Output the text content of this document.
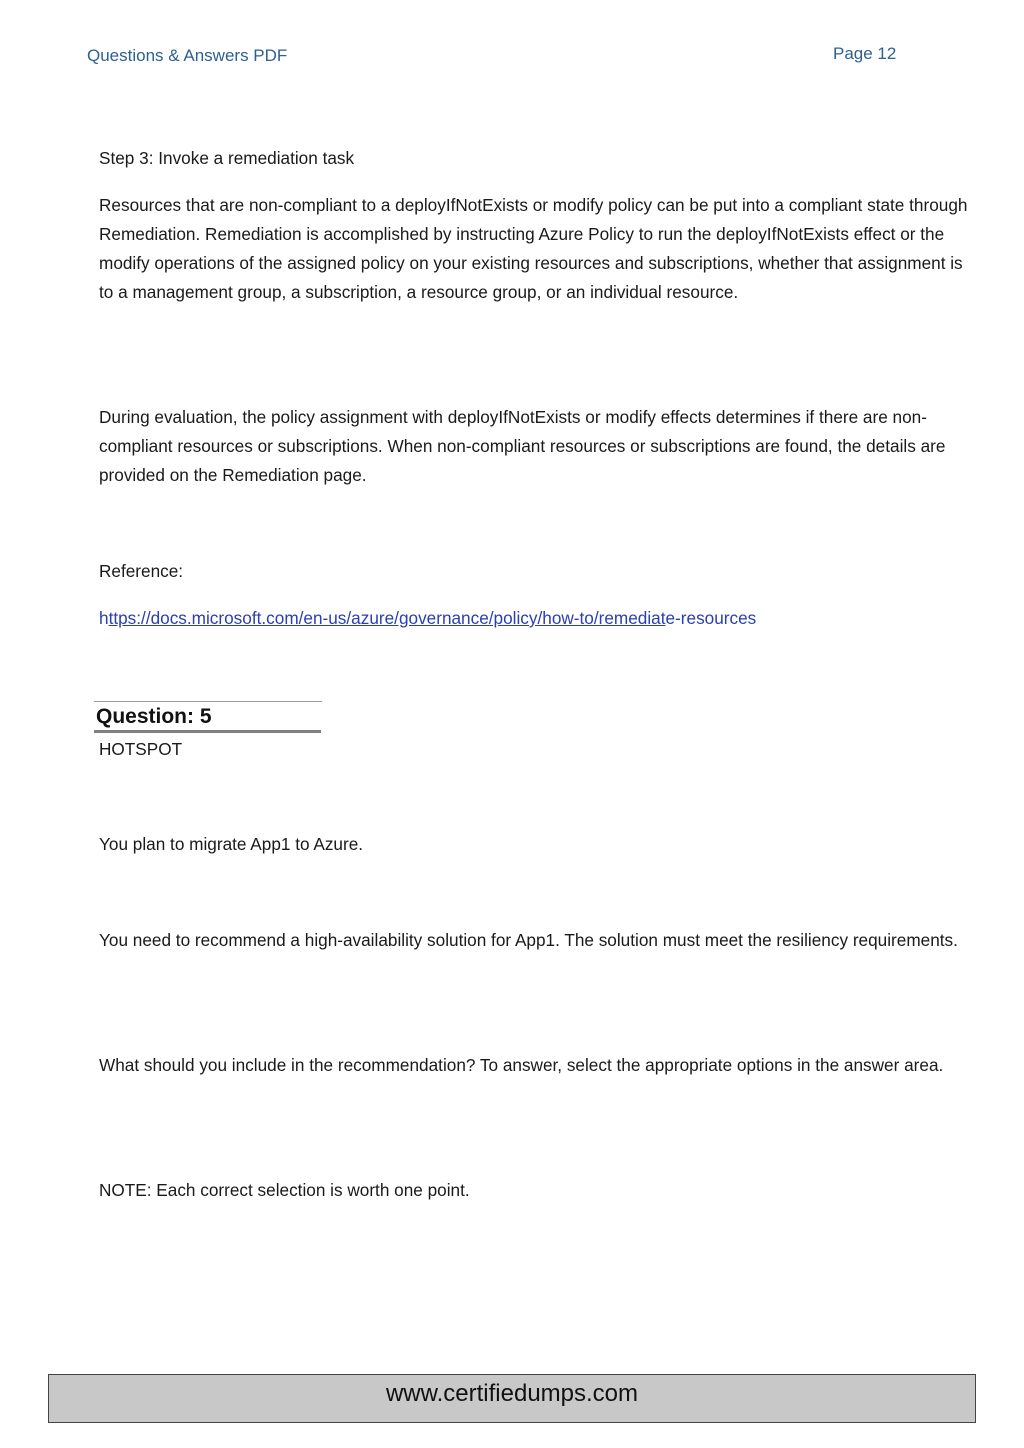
Questions & Answers PDF	Page 12
Step 3: Invoke a remediation task
Resources that are non-compliant to a deployIfNotExists or modify policy can be put into a compliant state through Remediation. Remediation is accomplished by instructing Azure Policy to run the deployIfNotExists effect or the modify operations of the assigned policy on your existing resources and subscriptions, whether that assignment is to a management group, a subscription, a resource group, or an individual resource.
During evaluation, the policy assignment with deployIfNotExists or modify effects determines if there are non-compliant resources or subscriptions. When non-compliant resources or subscriptions are found, the details are provided on the Remediation page.
Reference:
https://docs.microsoft.com/en-us/azure/governance/policy/how-to/remediate-resources
Question: 5
HOTSPOT
You plan to migrate App1 to Azure.
You need to recommend a high-availability solution for App1. The solution must meet the resiliency requirements.
What should you include in the recommendation? To answer, select the appropriate options in the answer area.
NOTE: Each correct selection is worth one point.
www.certifiedumps.com
